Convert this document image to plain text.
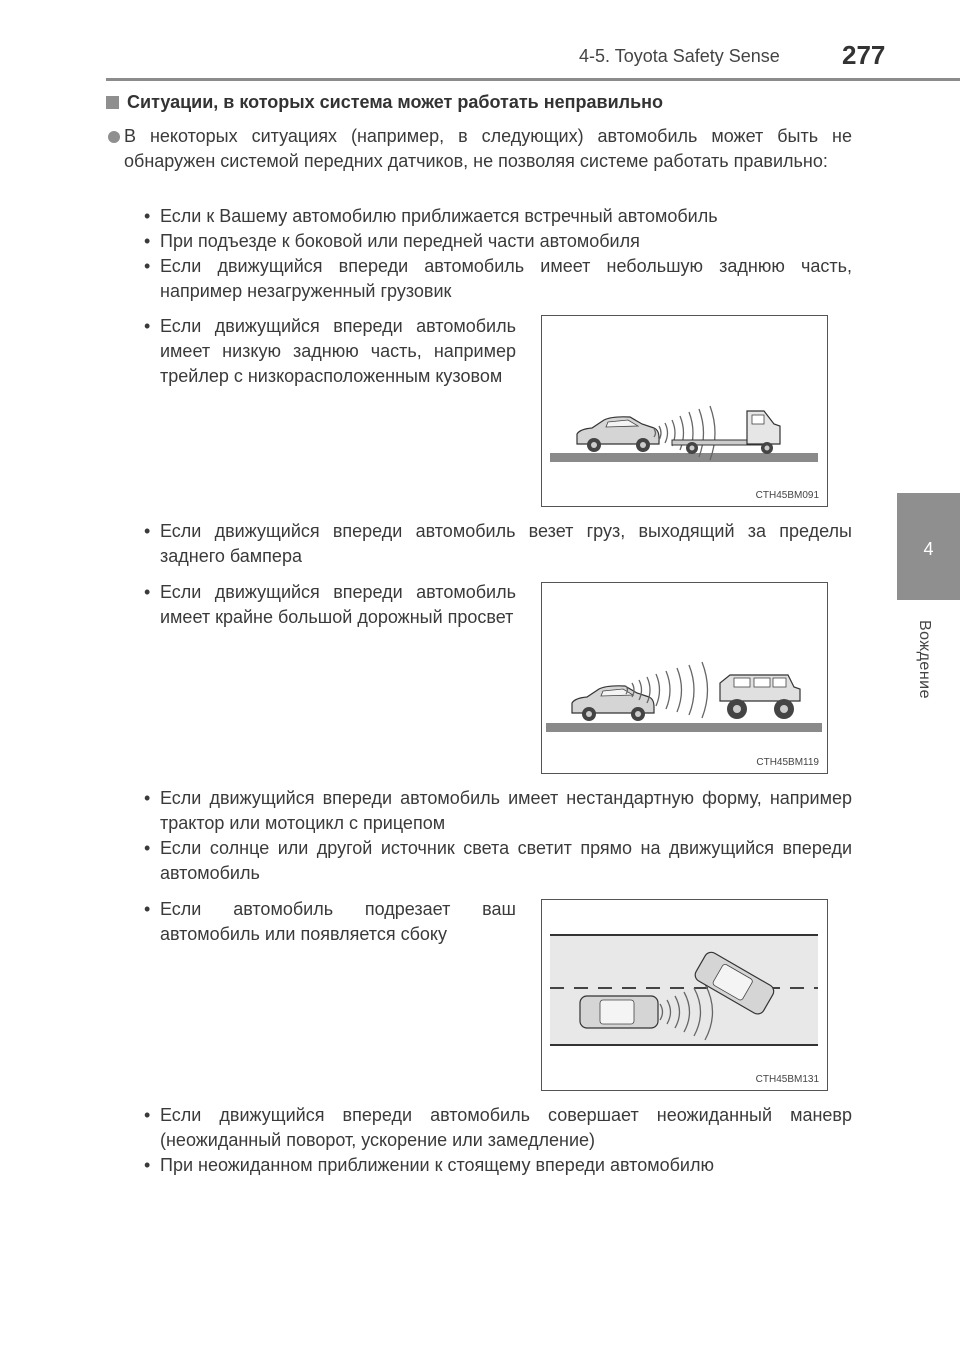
4-5. Toyota Safety Sense 277
4
Вождение
Ситуации, в которых система может работать неправильно
В некоторых ситуациях (например, в следующих) автомобиль может быть не обнаружен системой передних датчиков, не позволяя системе работать правильно:
• Если к Вашему автомобилю приближается встречный автомобиль
• При подъезде к боковой или передней части автомобиля
• Если движущийся впереди автомобиль имеет небольшую заднюю часть, например незагруженный грузовик
• Если движущийся впереди автомобиль имеет низкую заднюю часть, например трейлер с низкорасположенным кузовом
CTH45BM091
• Если движущийся впереди автомобиль везет груз, выходящий за пределы заднего бампера
• Если движущийся впереди автомобиль имеет крайне большой дорожный просвет
CTH45BM119
• Если движущийся впереди автомобиль имеет нестандартную форму, например трактор или мотоцикл с прицепом
• Если солнце или другой источник света светит прямо на движущийся впереди автомобиль
• Если автомобиль подрезает ваш автомобиль или появляется сбоку
CTH45BM131
• Если движущийся впереди автомобиль совершает неожиданный маневр (неожиданный поворот, ускорение или замедление)
• При неожиданном приближении к стоящему впереди автомобилю
